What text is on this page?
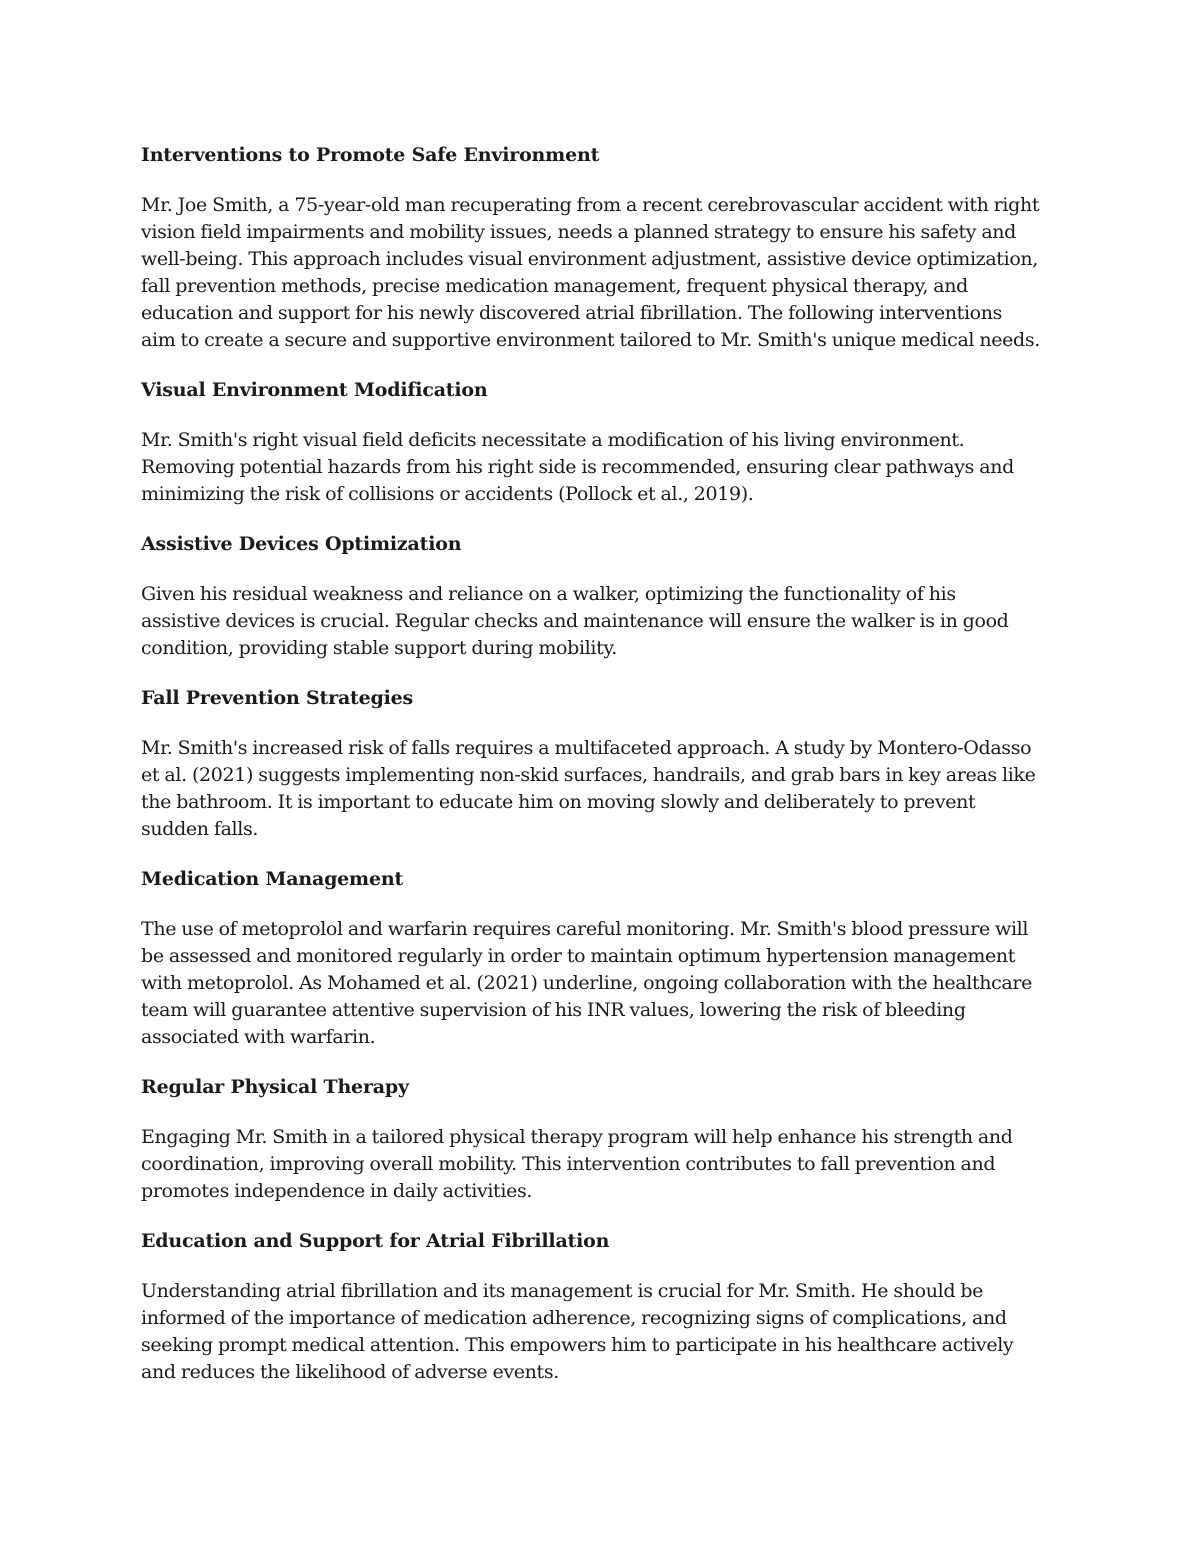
Interventions to Promote Safe Environment
Mr. Joe Smith, a 75-year-old man recuperating from a recent cerebrovascular accident with right
vision field impairments and mobility issues, needs a planned strategy to ensure his safety and
well-being. This approach includes visual environment adjustment, assistive device optimization,
fall prevention methods, precise medication management, frequent physical therapy, and
education and support for his newly discovered atrial fibrillation. The following interventions
aim to create a secure and supportive environment tailored to Mr. Smith's unique medical needs.
Visual Environment Modification
Mr. Smith's right visual field deficits necessitate a modification of his living environment.
Removing potential hazards from his right side is recommended, ensuring clear pathways and
minimizing the risk of collisions or accidents (Pollock et al., 2019).
Assistive Devices Optimization
Given his residual weakness and reliance on a walker, optimizing the functionality of his
assistive devices is crucial. Regular checks and maintenance will ensure the walker is in good
condition, providing stable support during mobility.
Fall Prevention Strategies
Mr. Smith's increased risk of falls requires a multifaceted approach. A study by Montero-Odasso
et al. (2021) suggests implementing non-skid surfaces, handrails, and grab bars in key areas like
the bathroom. It is important to educate him on moving slowly and deliberately to prevent
sudden falls.
Medication Management
The use of metoprolol and warfarin requires careful monitoring. Mr. Smith's blood pressure will
be assessed and monitored regularly in order to maintain optimum hypertension management
with metoprolol. As Mohamed et al. (2021) underline, ongoing collaboration with the healthcare
team will guarantee attentive supervision of his INR values, lowering the risk of bleeding
associated with warfarin.
Regular Physical Therapy
Engaging Mr. Smith in a tailored physical therapy program will help enhance his strength and
coordination, improving overall mobility. This intervention contributes to fall prevention and
promotes independence in daily activities.
Education and Support for Atrial Fibrillation
Understanding atrial fibrillation and its management is crucial for Mr. Smith. He should be
informed of the importance of medication adherence, recognizing signs of complications, and
seeking prompt medical attention. This empowers him to participate in his healthcare actively
and reduces the likelihood of adverse events.
